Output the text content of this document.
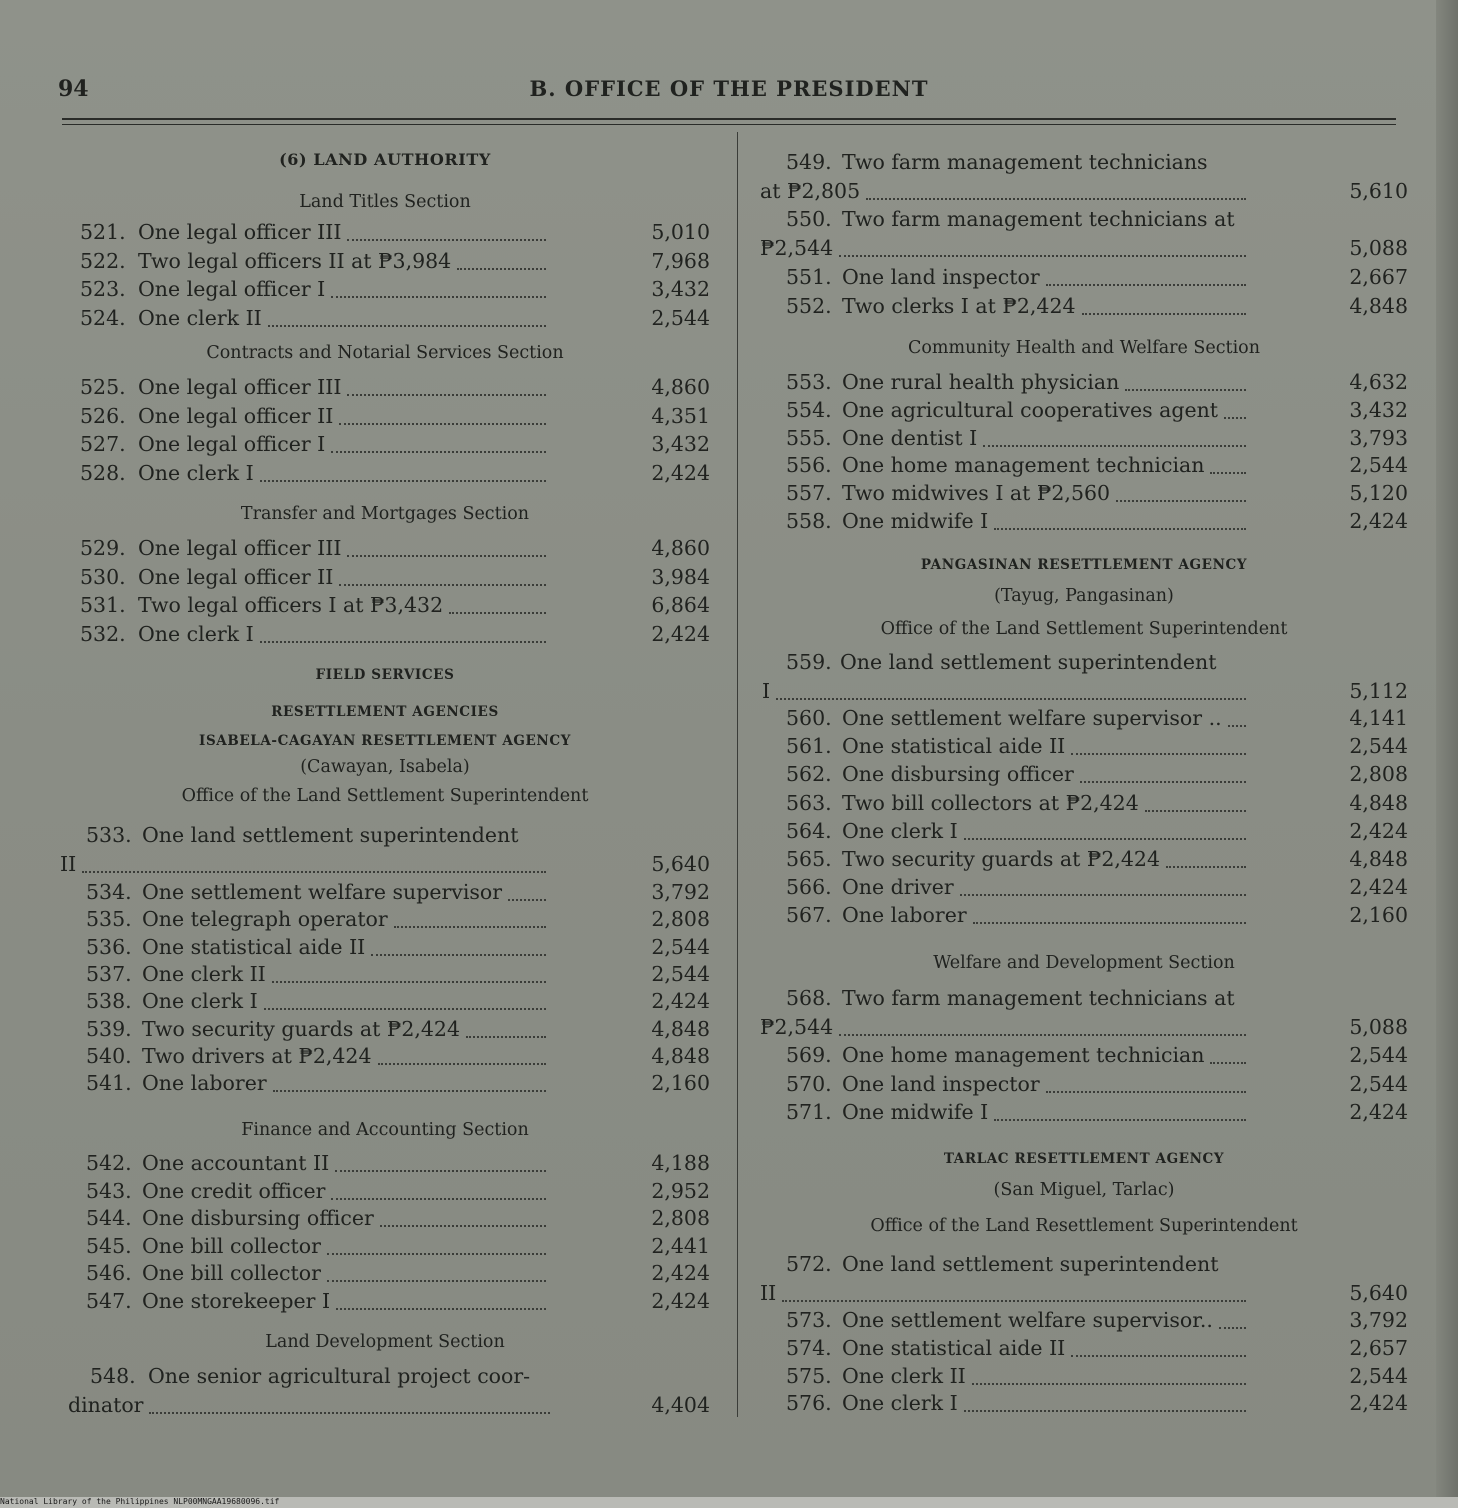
94	B. OFFICE OF THE PRESIDENT
(6) LAND AUTHORITY
Land Titles Section
521. One legal officer III	5,010
522. Two legal officers II at ₱3,984	7,968
523. One legal officer I	3,432
524. One clerk II	2,544
Contracts and Notarial Services Section
525. One legal officer III	4,860
526. One legal officer II	4,351
527. One legal officer I	3,432
528. One clerk I	2,424
Transfer and Mortgages Section
529. One legal officer III	4,860
530. One legal officer II	3,984
531. Two legal officers I at ₱3,432	6,864
532. One clerk I	2,424
FIELD SERVICES
RESETTLEMENT AGENCIES
ISABELA-CAGAYAN RESETTLEMENT AGENCY
(Cawayan, Isabela)
Office of the Land Settlement Superintendent
533. One land settlement superintendent
II	5,640
534. One settlement welfare supervisor	3,792
535. One telegraph operator	2,808
536. One statistical aide II	2,544
537. One clerk II	2,544
538. One clerk I	2,424
539. Two security guards at ₱2,424	4,848
540. Two drivers at ₱2,424	4,848
541. One laborer	2,160
Finance and Accounting Section
542. One accountant II	4,188
543. One credit officer	2,952
544. One disbursing officer	2,808
545. One bill collector	2,441
546. One bill collector	2,424
547. One storekeeper I	2,424
Land Development Section
548. One senior agricultural project coor-
dinator	4,404
549. Two farm management technicians
at ₱2,805	5,610
550. Two farm management technicians at
₱2,544	5,088
551. One land inspector	2,667
552. Two clerks I at ₱2,424	4,848
Community Health and Welfare Section
553. One rural health physician	4,632
554. One agricultural cooperatives agent	3,432
555. One dentist I	3,793
556. One home management technician	2,544
557. Two midwives I at ₱2,560	5,120
558. One midwife I	2,424
PANGASINAN RESETTLEMENT AGENCY
(Tayug, Pangasinan)
Office of the Land Settlement Superintendent
559. One land settlement superintendent
I	5,112
560. One settlement welfare supervisor ..	4,141
561. One statistical aide II	2,544
562. One disbursing officer	2,808
563. Two bill collectors at ₱2,424	4,848
564. One clerk I	2,424
565. Two security guards at ₱2,424	4,848
566. One driver	2,424
567. One laborer	2,160
Welfare and Development Section
568. Two farm management technicians at
₱2,544	5,088
569. One home management technician	2,544
570. One land inspector	2,544
571. One midwife I	2,424
TARLAC RESETTLEMENT AGENCY
(San Miguel, Tarlac)
Office of the Land Resettlement Superintendent
572. One land settlement superintendent
II	5,640
573. One settlement welfare supervisor..	3,792
574. One statistical aide II	2,657
575. One clerk II	2,544
576. One clerk I	2,424
National Library of the Philippines NLP00MNGAA19680096.tif
